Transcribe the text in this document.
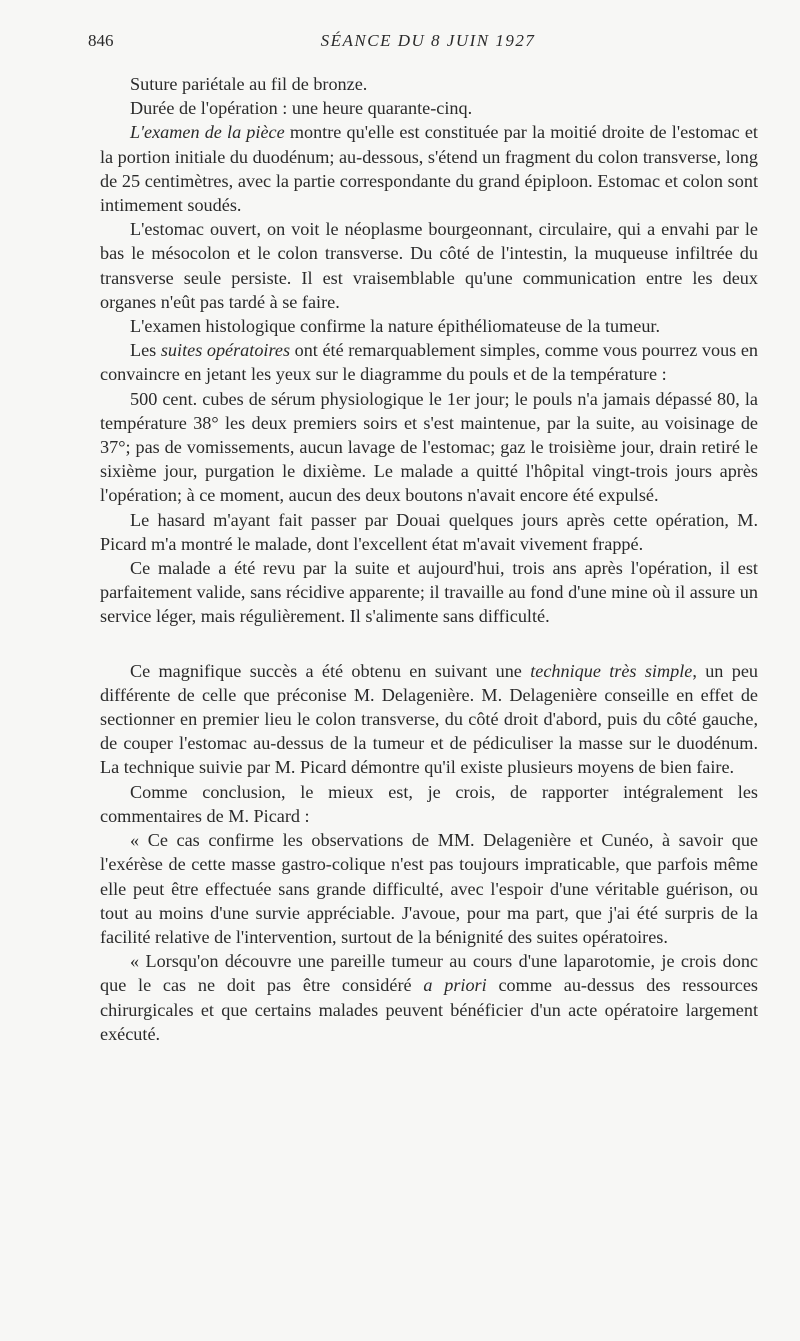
846	SÉANCE DU 8 JUIN 1927

Suture pariétale au fil de bronze.

Durée de l'opération : une heure quarante-cinq.

L'examen de la pièce montre qu'elle est constituée par la moitié droite de l'estomac et la portion initiale du duodénum; au-dessous, s'étend un fragment du colon transverse, long de 25 centimètres, avec la partie correspondante du grand épiploon. Estomac et colon sont intimement soudés.

L'estomac ouvert, on voit le néoplasme bourgeonnant, circulaire, qui a envahi par le bas le mésocolon et le colon transverse. Du côté de l'intestin, la muqueuse infiltrée du transverse seule persiste. Il est vraisemblable qu'une communication entre les deux organes n'eût pas tardé à se faire.

L'examen histologique confirme la nature épithéliomateuse de la tumeur.

Les suites opératoires ont été remarquablement simples, comme vous pourrez vous en convaincre en jetant les yeux sur le diagramme du pouls et de la température :

500 cent. cubes de sérum physiologique le 1er jour; le pouls n'a jamais dépassé 80, la température 38° les deux premiers soirs et s'est maintenue, par la suite, au voisinage de 37°; pas de vomissements, aucun lavage de l'estomac; gaz le troisième jour, drain retiré le sixième jour, purgation le dixième. Le malade a quitté l'hôpital vingt-trois jours après l'opération; à ce moment, aucun des deux boutons n'avait encore été expulsé.

Le hasard m'ayant fait passer par Douai quelques jours après cette opération, M. Picard m'a montré le malade, dont l'excellent état m'avait vivement frappé.

Ce malade a été revu par la suite et aujourd'hui, trois ans après l'opération, il est parfaitement valide, sans récidive apparente; il travaille au fond d'une mine où il assure un service léger, mais régulièrement. Il s'alimente sans difficulté.

Ce magnifique succès a été obtenu en suivant une technique très simple, un peu différente de celle que préconise M. Delagenière. M. Delagenière conseille en effet de sectionner en premier lieu le colon transverse, du côté droit d'abord, puis du côté gauche, de couper l'estomac au-dessus de la tumeur et de pédiculiser la masse sur le duodénum. La technique suivie par M. Picard démontre qu'il existe plusieurs moyens de bien faire.

Comme conclusion, le mieux est, je crois, de rapporter intégralement les commentaires de M. Picard :

« Ce cas confirme les observations de MM. Delagenière et Cunéo, à savoir que l'exérèse de cette masse gastro-colique n'est pas toujours impraticable, que parfois même elle peut être effectuée sans grande difficulté, avec l'espoir d'une véritable guérison, ou tout au moins d'une survie appréciable. J'avoue, pour ma part, que j'ai été surpris de la facilité relative de l'intervention, surtout de la bénignité des suites opératoires.

« Lorsqu'on découvre une pareille tumeur au cours d'une laparotomie, je crois donc que le cas ne doit pas être considéré a priori comme au-dessus des ressources chirurgicales et que certains malades peuvent bénéficier d'un acte opératoire largement exécuté.
